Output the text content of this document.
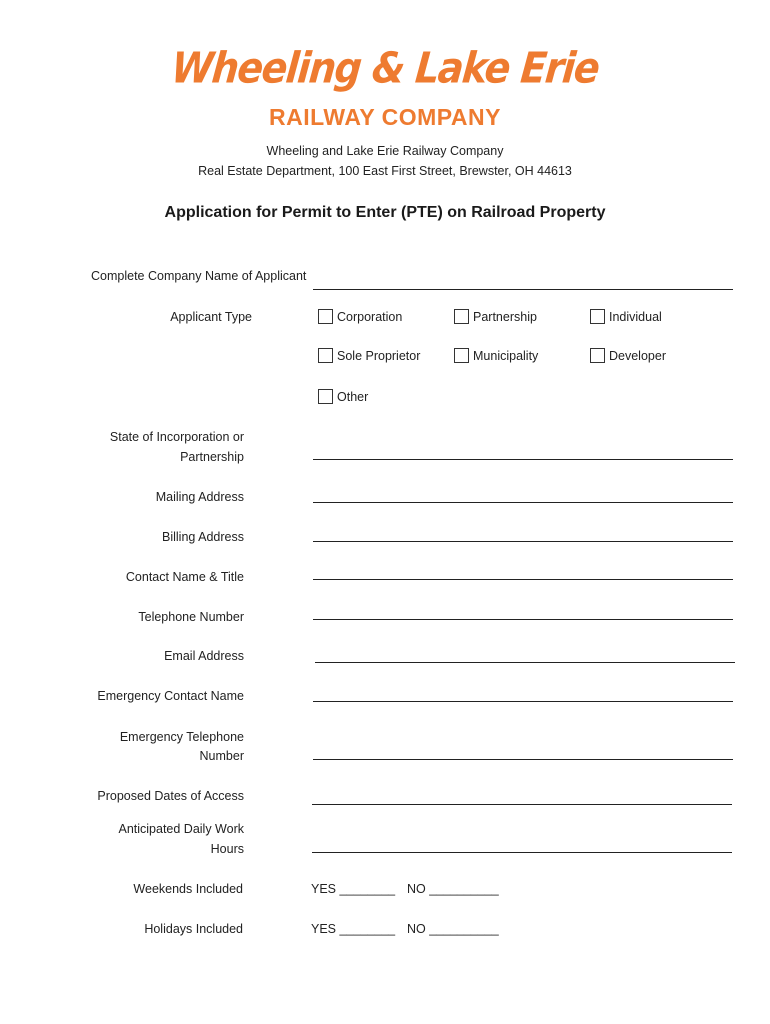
Wheeling & Lake Erie
RAILWAY COMPANY
Wheeling and Lake Erie Railway Company
Real Estate Department, 100 East First Street, Brewster, OH 44613
Application for Permit to Enter (PTE) on Railroad Property
Complete Company Name of Applicant
Applicant Type	Corporation	Partnership	Individual
Sole Proprietor	Municipality	Developer
Other
State of Incorporation or
Partnership
Mailing Address
Billing Address
Contact Name & Title
Telephone Number
Email Address
Emergency Contact Name
Emergency Telephone
Number
Proposed Dates of Access
Anticipated Daily Work
Hours
Weekends Included	YES ________ NO __________
Holidays Included	YES ________ NO __________
